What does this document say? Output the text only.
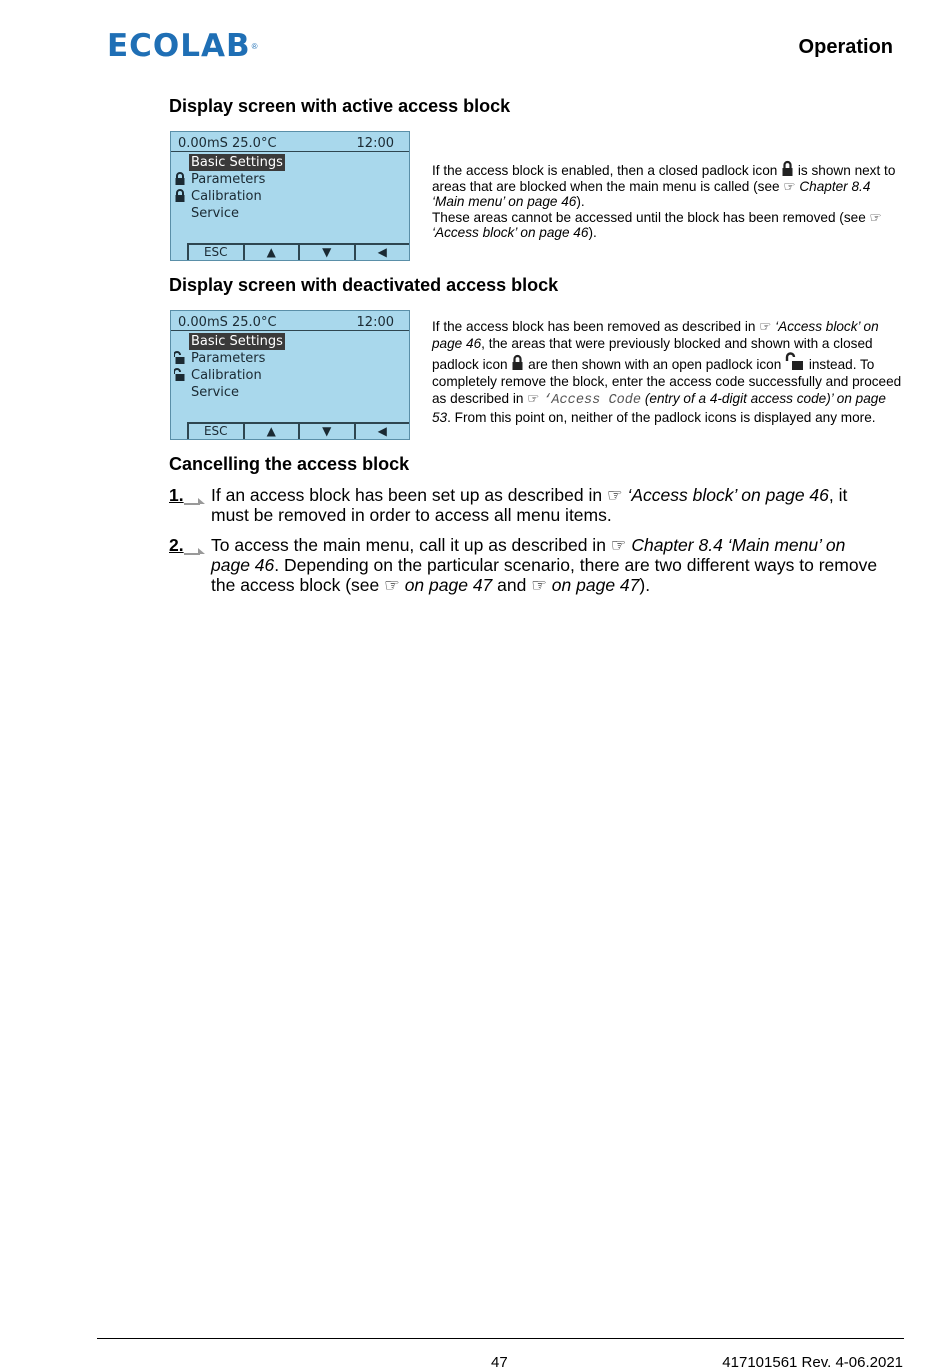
ECOLAB ®	Operation
Display screen with active access block
0.00mS 25.0°C	12:00
Basic Settings
Parameters
Calibration
Service
ESC	▲	▼	◀

If the access block is enabled, then a closed padlock icon  is shown next to areas that are blocked when the main menu is called (see ☞ Chapter 8.4 ‘Main menu’ on page 46).

These areas cannot be accessed until the block has been removed (see ☞ ‘Access block’ on page 46).

Display screen with deactivated access block
0.00mS 25.0°C	12:00
Basic Settings
Parameters
Calibration
Service
ESC	▲	▼	◀

If the access block has been removed as described in ☞ ‘Access block’ on page 46, the areas that were previously blocked and shown with a closed padlock icon  are then shown with an open padlock icon  instead. To completely remove the block, enter the access code successfully and proceed as described in ☞ ‘Access Code (entry of a 4-digit access code)’ on page 53. From this point on, neither of the padlock icons is displayed any more.

Cancelling the access block
1. If an access block has been set up as described in ☞ ‘Access block’ on page 46, it must be removed in order to access all menu items.
2. To access the main menu, call it up as described in ☞ Chapter 8.4 ‘Main menu’ on page 46. Depending on the particular scenario, there are two different ways to remove the access block (see ☞ on page 47 and ☞ on page 47).
47	417101561 Rev. 4-06.2021
